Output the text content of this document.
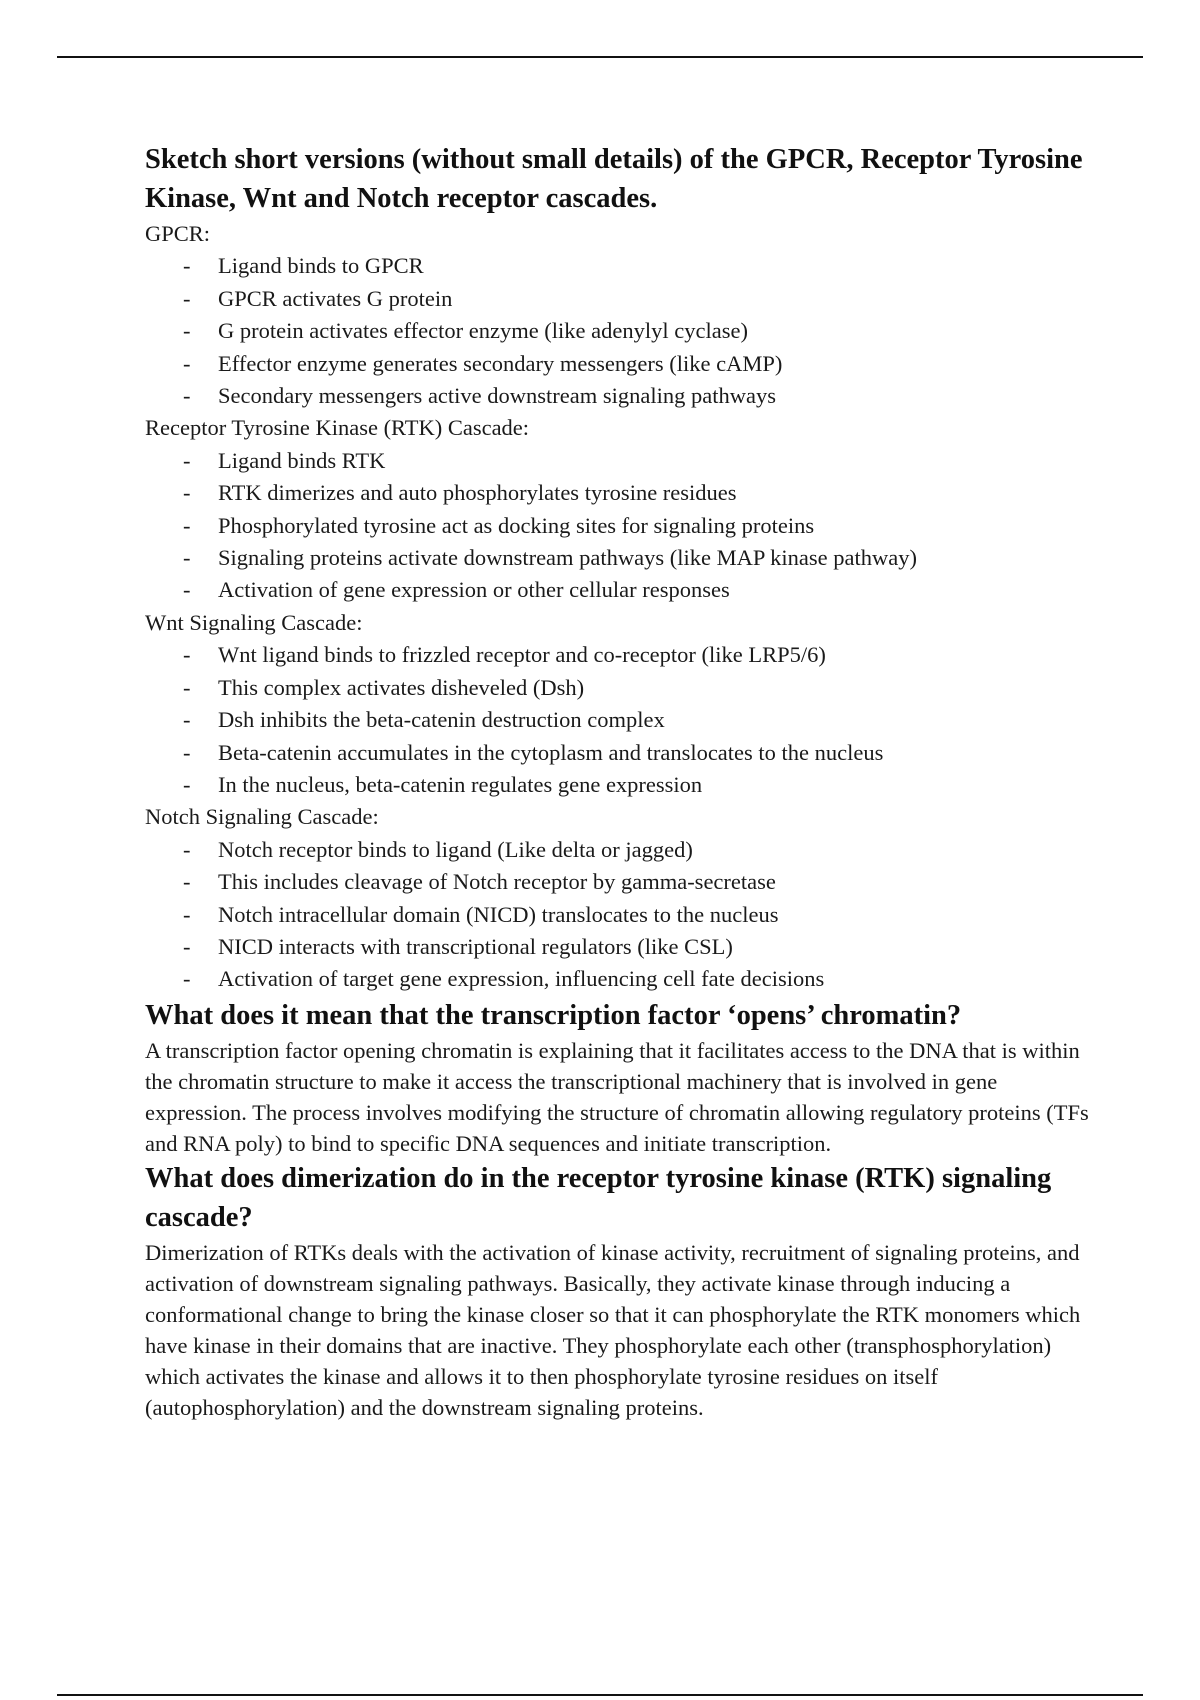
Sketch short versions (without small details) of the GPCR, Receptor Tyrosine Kinase, Wnt and Notch receptor cascades.
GPCR:
- Ligand binds to GPCR
- GPCR activates G protein
- G protein activates effector enzyme (like adenylyl cyclase)
- Effector enzyme generates secondary messengers (like cAMP)
- Secondary messengers active downstream signaling pathways
Receptor Tyrosine Kinase (RTK) Cascade:
- Ligand binds RTK
- RTK dimerizes and auto phosphorylates tyrosine residues
- Phosphorylated tyrosine act as docking sites for signaling proteins
- Signaling proteins activate downstream pathways (like MAP kinase pathway)
- Activation of gene expression or other cellular responses
Wnt Signaling Cascade:
- Wnt ligand binds to frizzled receptor and co-receptor (like LRP5/6)
- This complex activates disheveled (Dsh)
- Dsh inhibits the beta-catenin destruction complex
- Beta-catenin accumulates in the cytoplasm and translocates to the nucleus
- In the nucleus, beta-catenin regulates gene expression
Notch Signaling Cascade:
- Notch receptor binds to ligand (Like delta or jagged)
- This includes cleavage of Notch receptor by gamma-secretase
- Notch intracellular domain (NICD) translocates to the nucleus
- NICD interacts with transcriptional regulators (like CSL)
- Activation of target gene expression, influencing cell fate decisions
What does it mean that the transcription factor ‘opens’ chromatin?

A transcription factor opening chromatin is explaining that it facilitates access to the DNA that is within the chromatin structure to make it access the transcriptional machinery that is involved in gene expression. The process involves modifying the structure of chromatin allowing regulatory proteins (TFs and RNA poly) to bind to specific DNA sequences and initiate transcription.

What does dimerization do in the receptor tyrosine kinase (RTK) signaling cascade?

Dimerization of RTKs deals with the activation of kinase activity, recruitment of signaling proteins, and activation of downstream signaling pathways. Basically, they activate kinase through inducing a conformational change to bring the kinase closer so that it can phosphorylate the RTK monomers which have kinase in their domains that are inactive. They phosphorylate each other (transphosphorylation) which activates the kinase and allows it to then phosphorylate tyrosine residues on itself (autophosphorylation) and the downstream signaling proteins.
